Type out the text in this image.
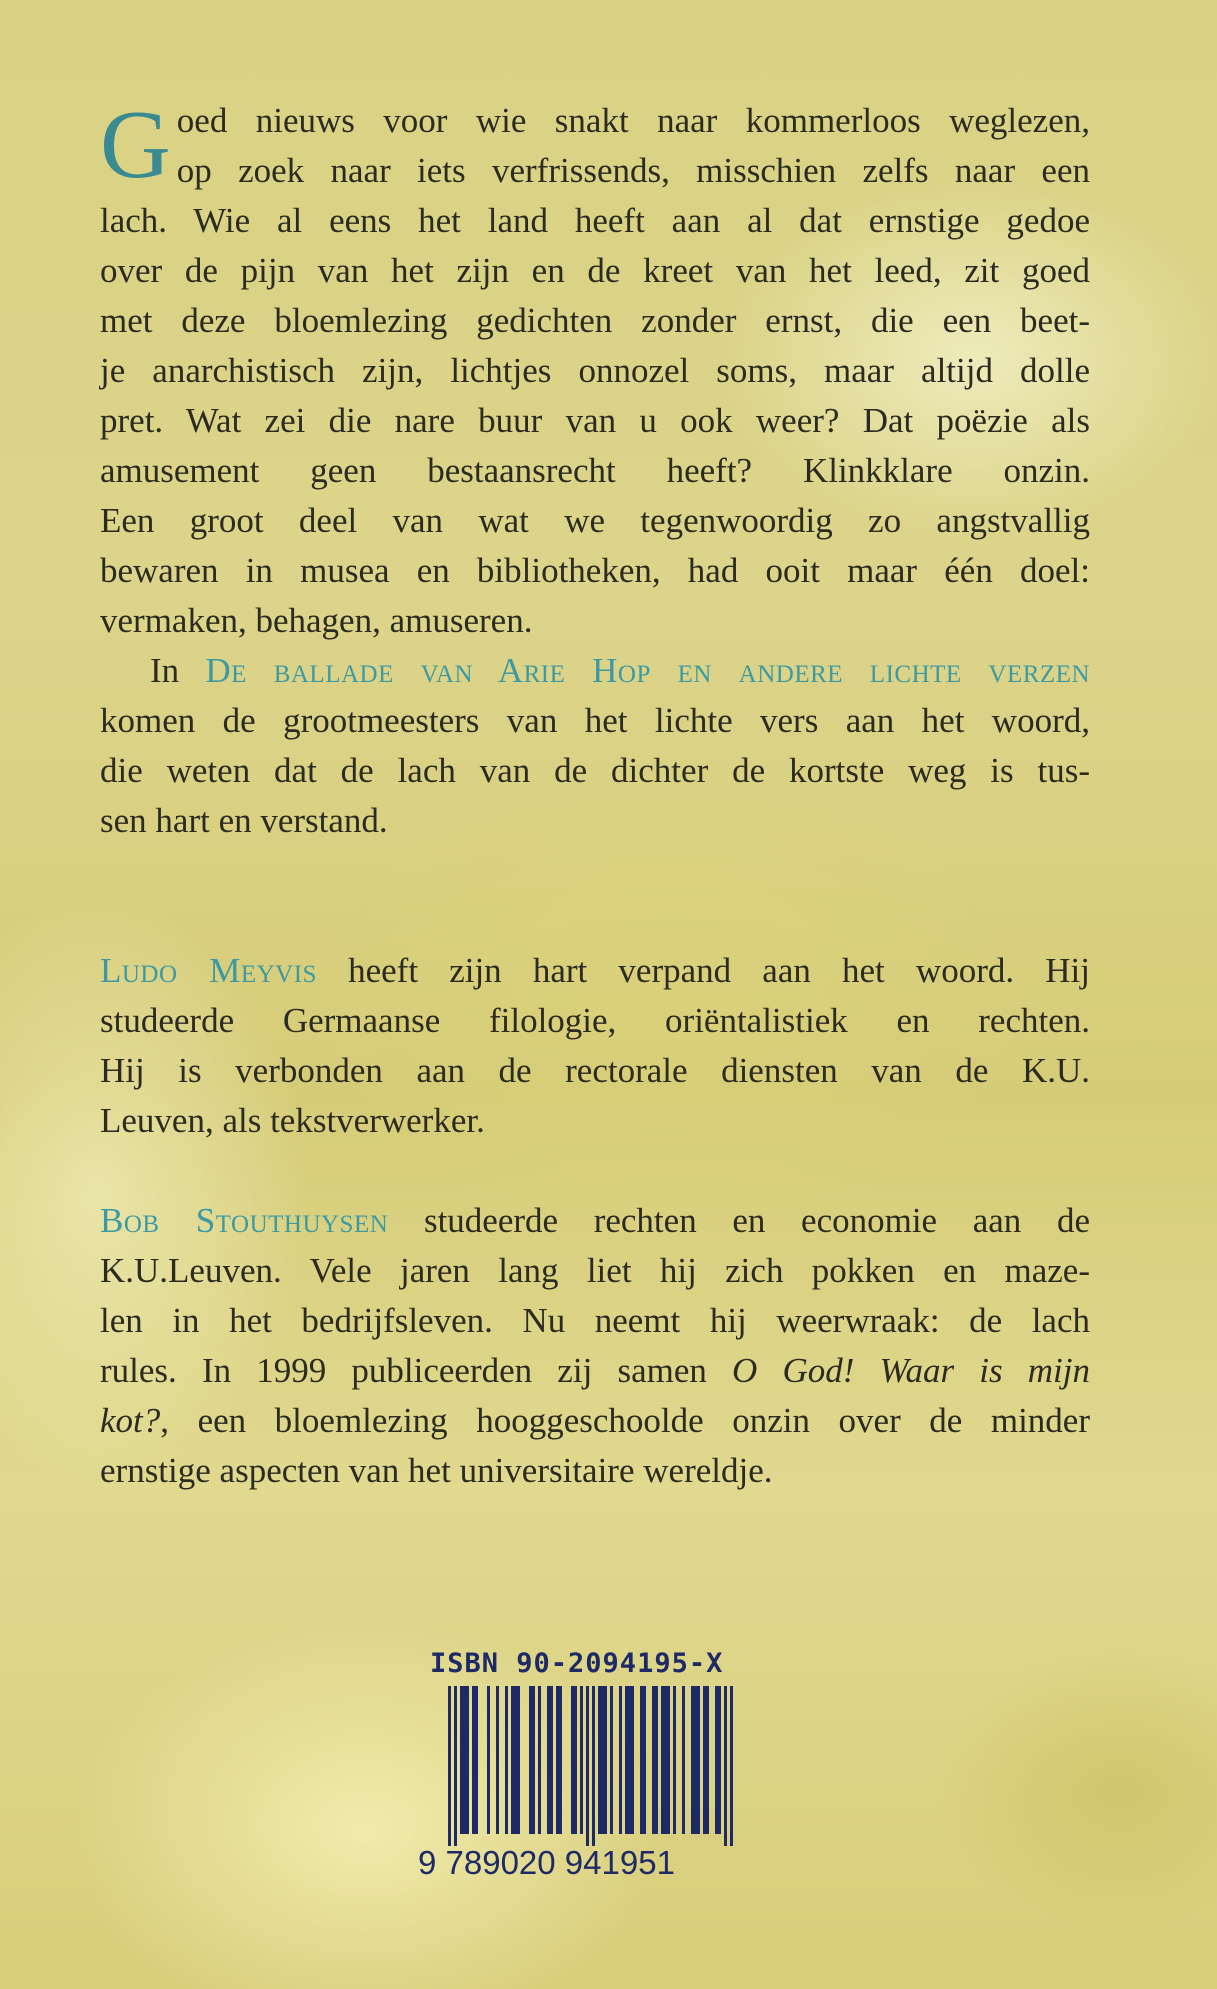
G oed nieuws voor wie snakt naar kommerloos weglezen,
op zoek naar iets verfrissends, misschien zelfs naar een
lach. Wie al eens het land heeft aan al dat ernstige gedoe
over de pijn van het zijn en de kreet van het leed, zit goed
met deze bloemlezing gedichten zonder ernst, die een beet-
je anarchistisch zijn, lichtjes onnozel soms, maar altijd dolle
pret. Wat zei die nare buur van u ook weer? Dat poëzie als
amusement geen bestaansrecht heeft? Klinkklare onzin.
Een groot deel van wat we tegenwoordig zo angstvallig
bewaren in musea en bibliotheken, had ooit maar één doel:
vermaken, behagen, amuseren.
In De ballade van Arie Hop en andere lichte verzen
komen de grootmeesters van het lichte vers aan het woord,
die weten dat de lach van de dichter de kortste weg is tus-
sen hart en verstand.
Ludo Meyvis heeft zijn hart verpand aan het woord. Hij
studeerde Germaanse filologie, oriëntalistiek en rechten.
Hij is verbonden aan de rectorale diensten van de K.U.
Leuven, als tekstverwerker.
Bob Stouthuysen studeerde rechten en economie aan de
K.U.Leuven. Vele jaren lang liet hij zich pokken en maze-
len in het bedrijfsleven. Nu neemt hij weerwraak: de lach
rules. In 1999 publiceerden zij samen O God! Waar is mijn
kot?, een bloemlezing hooggeschoolde onzin over de minder
ernstige aspecten van het universitaire wereldje.
ISBN 90-2094195-X
9 789020 941951
